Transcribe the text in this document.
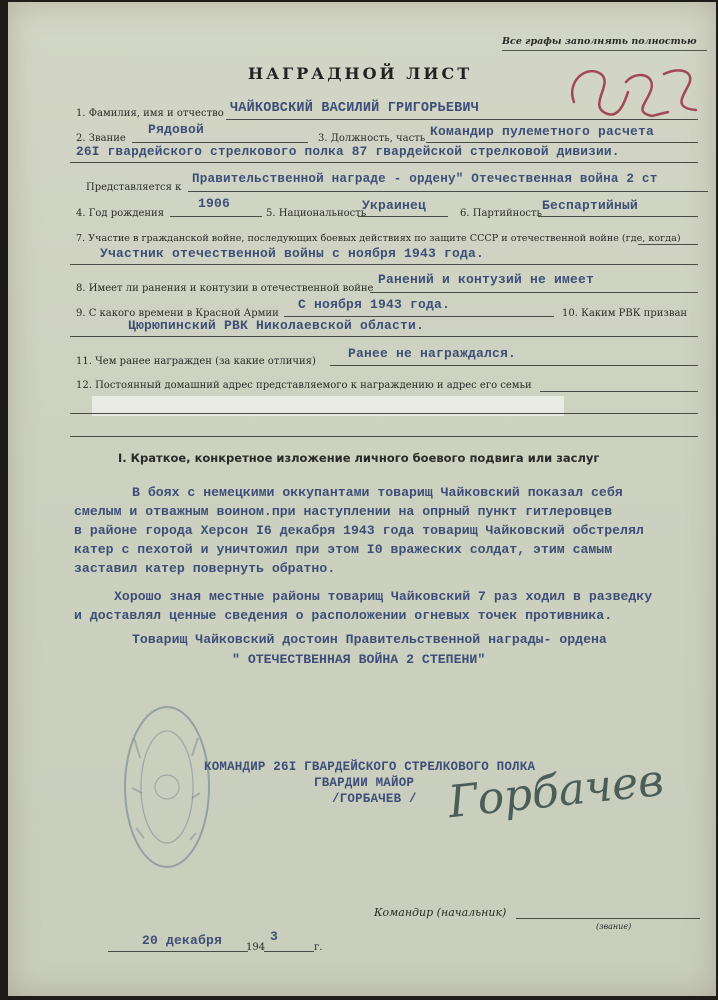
Все графы заполнять полностью
НАГРАДНОЙ ЛИСТ
1. Фамилия, имя и отчество ЧАЙКОВСКИЙ ВАСИЛИЙ ГРИГОРЬЕВИЧ
2. Звание
Рядовой
3. Должность, часть Командир пулеметного расчета
26I гвардейского стрелкового полка 87 гвардейской стрелковой дивизии.
Представляется к
Правительственной награде - ордену" Отечественная война 2 ст
4. Год рождения
1906
5. Национальность
Украинец
6. Партийность
Беспартийный
7. Участие в гражданской войне, последующих боевых действиях по защите СССР и отечественной войне (где, когда)
Участник отечественной войны с ноября 1943 года.
8. Имеет ли ранения и контузии в отечественной войне
Ранений и контузий не имеет
9. С какого времени в Красной Армии
С ноября 1943 года.
10. Каким РВК призван
Цюрюпинский РВК Николаевской области.
11. Чем ранее награжден (за какие отличия)
Ранее не награждался.
12. Постоянный домашний адрес представляемого к награждению и адрес его семьи
I. Краткое, конкретное изложение личного боевого подвига или заслуг
В боях с немецкими оккупантами товарищ Чайковский показал себя
смелым и отважным воином.при наступлении на опрный пункт гитлеровцев
в районе города Херсон I6 декабря 1943 года товарищ Чайковский обстрелял
катер с пехотой и уничтожил при этом I0 вражеских солдат, этим самым
заставил катер повернуть обратно.
Хорошо зная местные районы товарищ Чайковский 7 раз ходил в разведку
и доставлял ценные сведения о расположении огневых точек противника.
Товарищ Чайковский достоин Правительственной награды- ордена
" ОТЕЧЕСТВЕННАЯ ВОЙНА 2 СТЕПЕНИ"
КОМАНДИР 26I ГВАРДЕЙСКОГО СТРЕЛКОВОГО ПОЛКА
ГВАРДИИ МАЙОР
/ГОРБАЧЕВ / Горбачев
Командир (начальник)
(звание)
20 декабря 194
3
г.
